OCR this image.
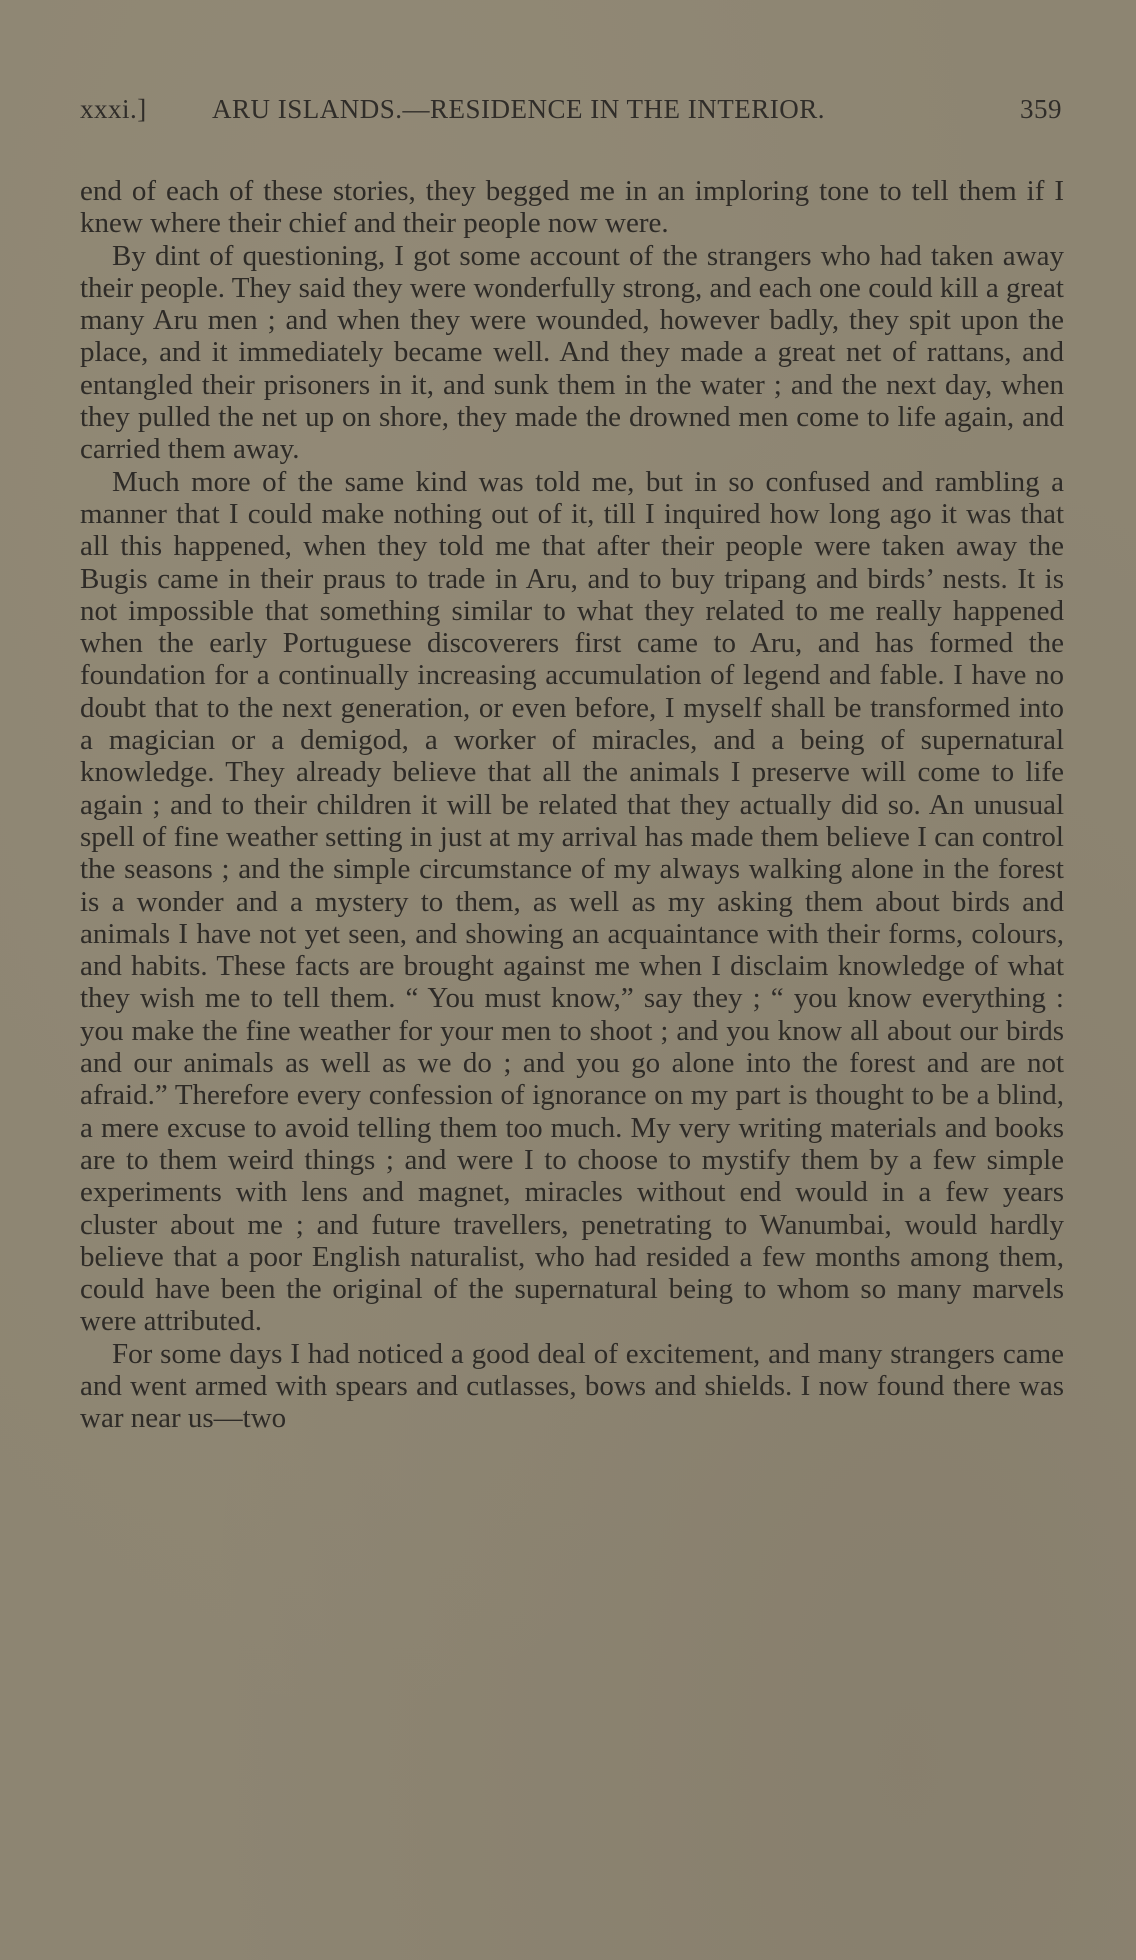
xxxi.] ARU ISLANDS.—RESIDENCE IN THE INTERIOR.	359

end of each of these stories, they begged me in an imploring tone to tell them if I knew where their chief and their people now were.

By dint of questioning, I got some account of the strangers who had taken away their people. They said they were wonderfully strong, and each one could kill a great many Aru men ; and when they were wounded, however badly, they spit upon the place, and it immediately became well. And they made a great net of rattans, and entangled their prisoners in it, and sunk them in the water ; and the next day, when they pulled the net up on shore, they made the drowned men come to life again, and carried them away.

Much more of the same kind was told me, but in so confused and rambling a manner that I could make nothing out of it, till I inquired how long ago it was that all this happened, when they told me that after their people were taken away the Bugis came in their praus to trade in Aru, and to buy tripang and birds’ nests. It is not impossible that something similar to what they related to me really happened when the early Portuguese discoverers first came to Aru, and has formed the foundation for a continually increasing accumulation of legend and fable. I have no doubt that to the next generation, or even before, I myself shall be transformed into a magician or a demigod, a worker of miracles, and a being of supernatural knowledge. They already believe that all the animals I preserve will come to life again ; and to their children it will be related that they actually did so. An unusual spell of fine weather setting in just at my arrival has made them believe I can control the seasons ; and the simple circumstance of my always walking alone in the forest is a wonder and a mystery to them, as well as my asking them about birds and animals I have not yet seen, and showing an acquaintance with their forms, colours, and habits. These facts are brought against me when I disclaim knowledge of what they wish me to tell them. “ You must know,” say they ; “ you know everything : you make the fine weather for your men to shoot ; and you know all about our birds and our animals as well as we do ; and you go alone into the forest and are not afraid.” Therefore every confession of ignorance on my part is thought to be a blind, a mere excuse to avoid telling them too much. My very writing materials and books are to them weird things ; and were I to choose to mystify them by a few simple experiments with lens and magnet, miracles without end would in a few years cluster about me ; and future travellers, penetrating to Wanumbai, would hardly believe that a poor English naturalist, who had resided a few months among them, could have been the original of the supernatural being to whom so many marvels were attributed.

For some days I had noticed a good deal of excitement, and many strangers came and went armed with spears and cutlasses, bows and shields. I now found there was war near us—two
